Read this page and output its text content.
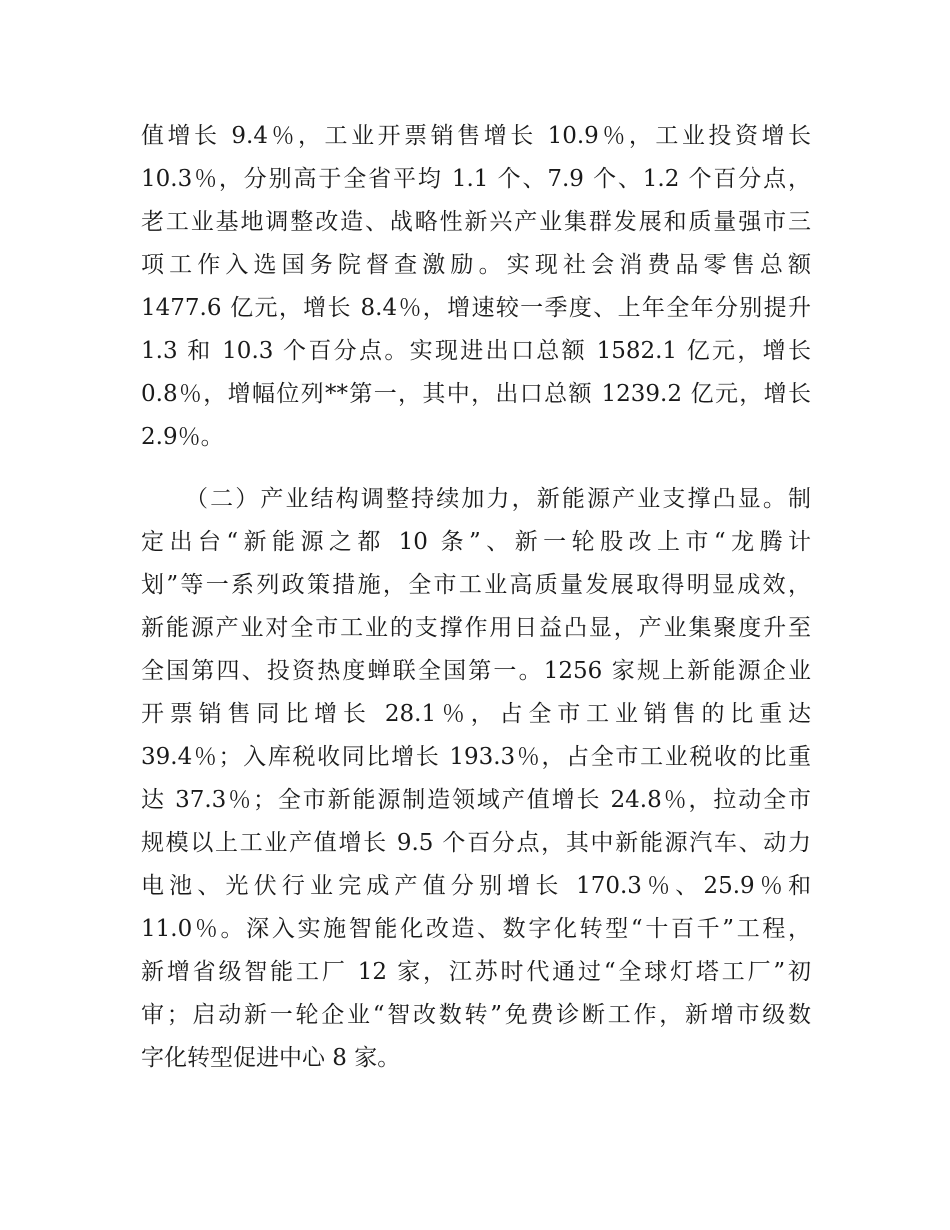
值增长 9.4％，工业开票销售增长 10.9％，工业投资增长
10.3％，分别高于全省平均 1.1 个、7.9 个、1.2 个百分点，
老工业基地调整改造、战略性新兴产业集群发展和质量强市三
项工作入选国务院督查激励。实现社会消费品零售总额
1477.6 亿元，增长 8.4％，增速较一季度、上年全年分别提升
1.3 和 10.3 个百分点。实现进出口总额 1582.1 亿元，增长
0.8％，增幅位列**第一，其中，出口总额 1239.2 亿元，增长
2.9％。
（二）产业结构调整持续加力，新能源产业支撑凸显。制
定出台“新能源之都 10 条”、新一轮股改上市“龙腾计
划”等一系列政策措施，全市工业高质量发展取得明显成效，
新能源产业对全市工业的支撑作用日益凸显，产业集聚度升至
全国第四、投资热度蝉联全国第一。1256 家规上新能源企业
开票销售同比增长 28.1％，占全市工业销售的比重达
39.4％；入库税收同比增长 193.3％，占全市工业税收的比重
达 37.3％；全市新能源制造领域产值增长 24.8％，拉动全市
规模以上工业产值增长 9.5 个百分点，其中新能源汽车、动力
电池、光伏行业完成产值分别增长 170.3％、25.9％和
11.0％。深入实施智能化改造、数字化转型“十百千”工程，
新增省级智能工厂 12 家，江苏时代通过“全球灯塔工厂”初
审；启动新一轮企业“智改数转”免费诊断工作，新增市级数
字化转型促进中心 8 家。
